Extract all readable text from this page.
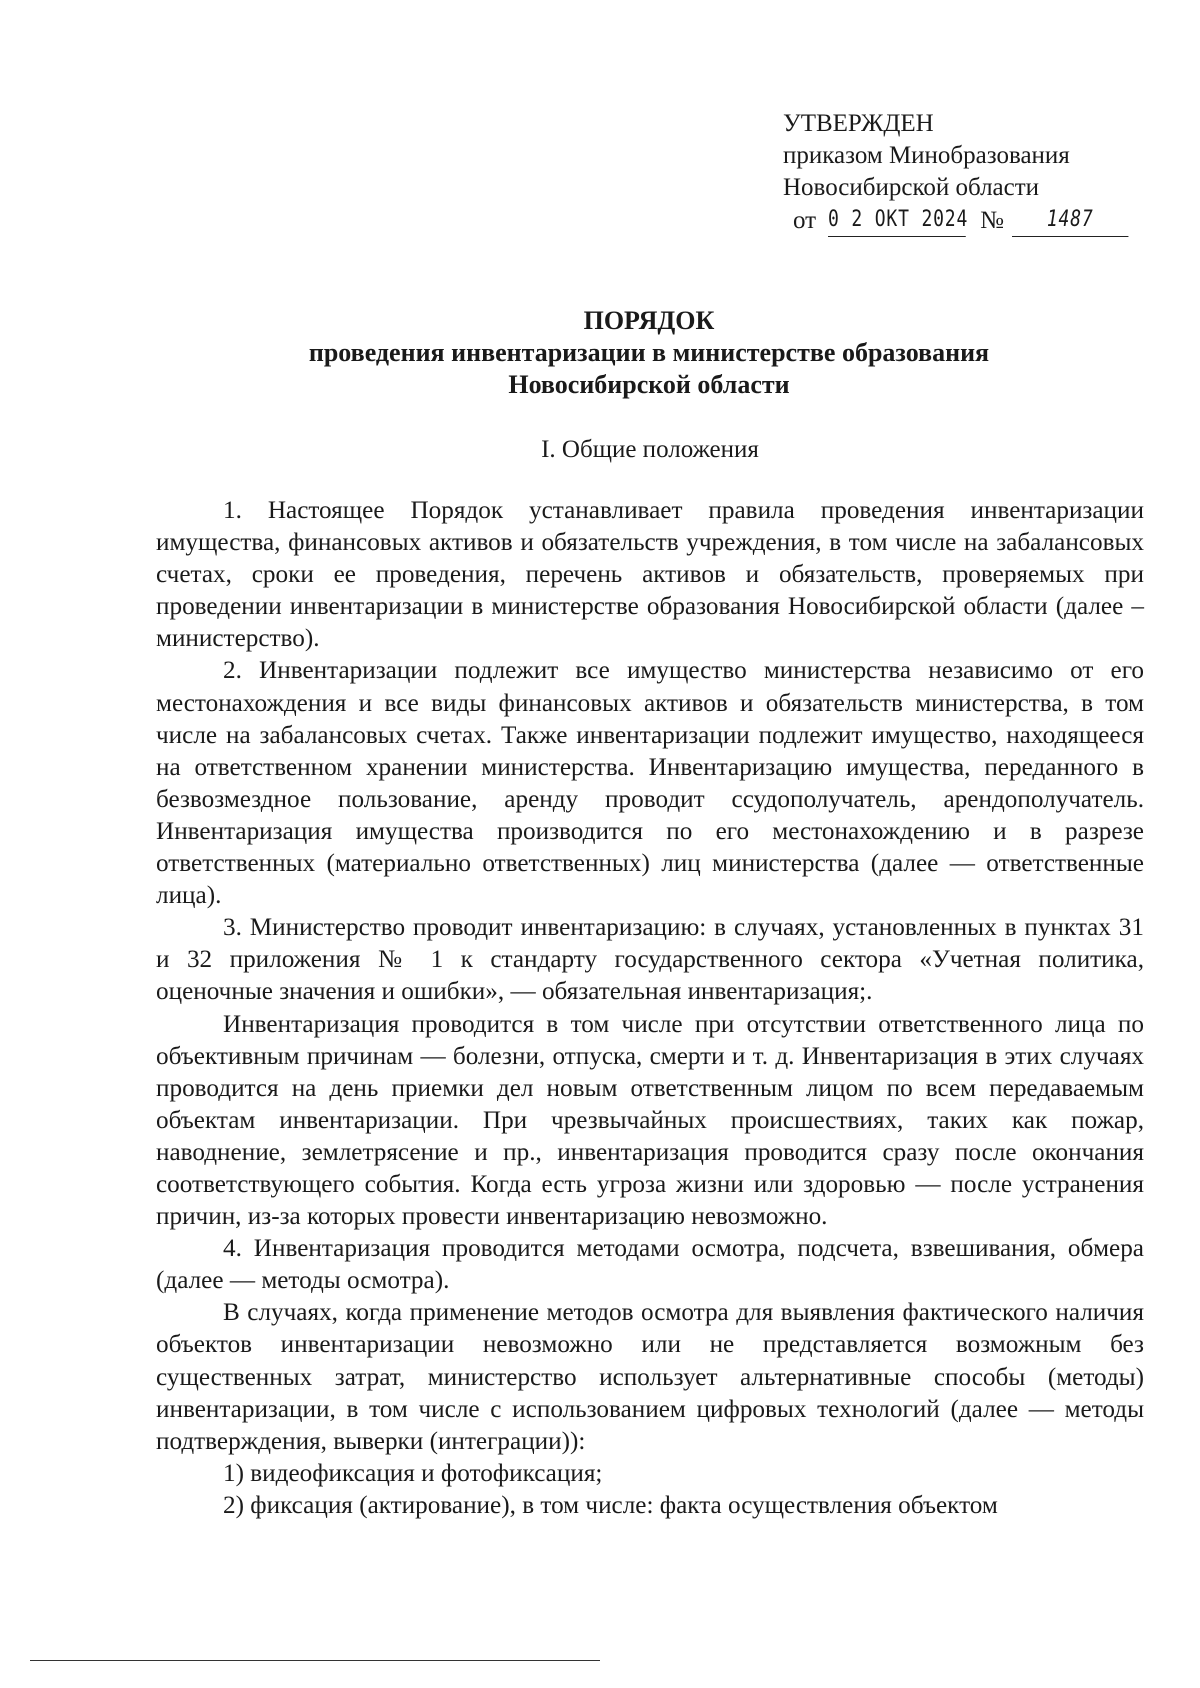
УТВЕРЖДЕН
приказом Минобразования
Новосибирской области
от 0 2 ОКТ 2024 №	1487
ПОРЯДОК
проведения инвентаризации в министерстве образования
Новосибирской области
I. Общие положения

1. Настоящее Порядок устанавливает правила проведения инвентаризации имущества, финансовых активов и обязательств учреждения, в том числе на забалансовых счетах, сроки ее проведения, перечень активов и обязательств, проверяемых при проведении инвентаризации в министерстве образования Новосибирской области (далее – министерство).

2. Инвентаризации подлежит все имущество министерства независимо от его местонахождения и все виды финансовых активов и обязательств министерства, в том числе на забалансовых счетах. Также инвентаризации подлежит имущество, находящееся на ответственном хранении министерства. Инвентаризацию имущества, переданного в безвозмездное пользование, аренду проводит ссудополучатель, арендополучатель. Инвентаризация имущества производится по его местонахождению и в разрезе ответственных (материально ответственных) лиц министерства (далее — ответственные лица).

3. Министерство проводит инвентаризацию: в случаях, установленных в пунктах 31 и 32 приложения № 1 к стандарту государственного сектора «Учетная политика, оценочные значения и ошибки», — обязательная инвентаризация;.

Инвентаризация проводится в том числе при отсутствии ответственного лица по объективным причинам — болезни, отпуска, смерти и т. д. Инвентаризация в этих случаях проводится на день приемки дел новым ответственным лицом по всем передаваемым объектам инвентаризации. При чрезвычайных происшествиях, таких как пожар, наводнение, землетрясение и пр., инвентаризация проводится сразу после окончания соответствующего события. Когда есть угроза жизни или здоровью — после устранения причин, из-за которых провести инвентаризацию невозможно.

4. Инвентаризация проводится методами осмотра, подсчета, взвешивания, обмера (далее — методы осмотра).

В случаях, когда применение методов осмотра для выявления фактического наличия объектов инвентаризации невозможно или не представляется возможным без существенных затрат, министерство использует альтернативные способы (методы) инвентаризации, в том числе с использованием цифровых технологий (далее — методы подтверждения, выверки (интеграции)):

1) видеофиксация и фотофиксация;

2) фиксация (актирование), в том числе: факта осуществления объектом
